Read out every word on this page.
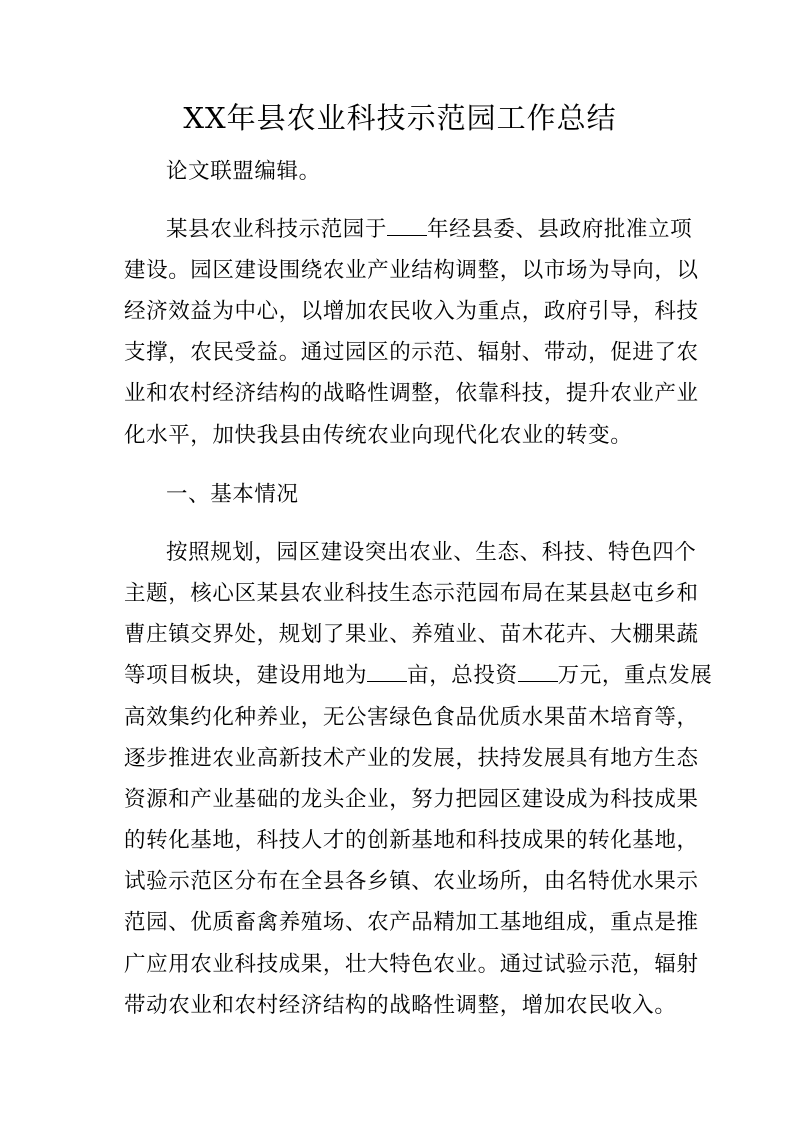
XX年县农业科技示范园工作总结
论文联盟编辑。
某县农业科技示范园于 年经县委、县政府批准立项
建设。园区建设围绕农业产业结构调整，以市场为导向，以
经济效益为中心，以增加农民收入为重点，政府引导，科技
支撑，农民受益。通过园区的示范、辐射、带动，促进了农
业和农村经济结构的战略性调整，依靠科技，提升农业产业
化水平，加快我县由传统农业向现代化农业的转变。
一、基本情况
按照规划，园区建设突出农业、生态、科技、特色四个
主题，核心区某县农业科技生态示范园布局在某县赵屯乡和
曹庄镇交界处，规划了果业、养殖业、苗木花卉、大棚果蔬
等项目板块，建设用地为 亩，总投资 万元，重点发展
高效集约化种养业，无公害绿色食品优质水果苗木培育等，
逐步推进农业高新技术产业的发展，扶持发展具有地方生态
资源和产业基础的龙头企业，努力把园区建设成为科技成果
的转化基地，科技人才的创新基地和科技成果的转化基地，
试验示范区分布在全县各乡镇、农业场所，由名特优水果示
范园、优质畜禽养殖场、农产品精加工基地组成，重点是推
广应用农业科技成果，壮大特色农业。通过试验示范，辐射
带动农业和农村经济结构的战略性调整，增加农民收入。
